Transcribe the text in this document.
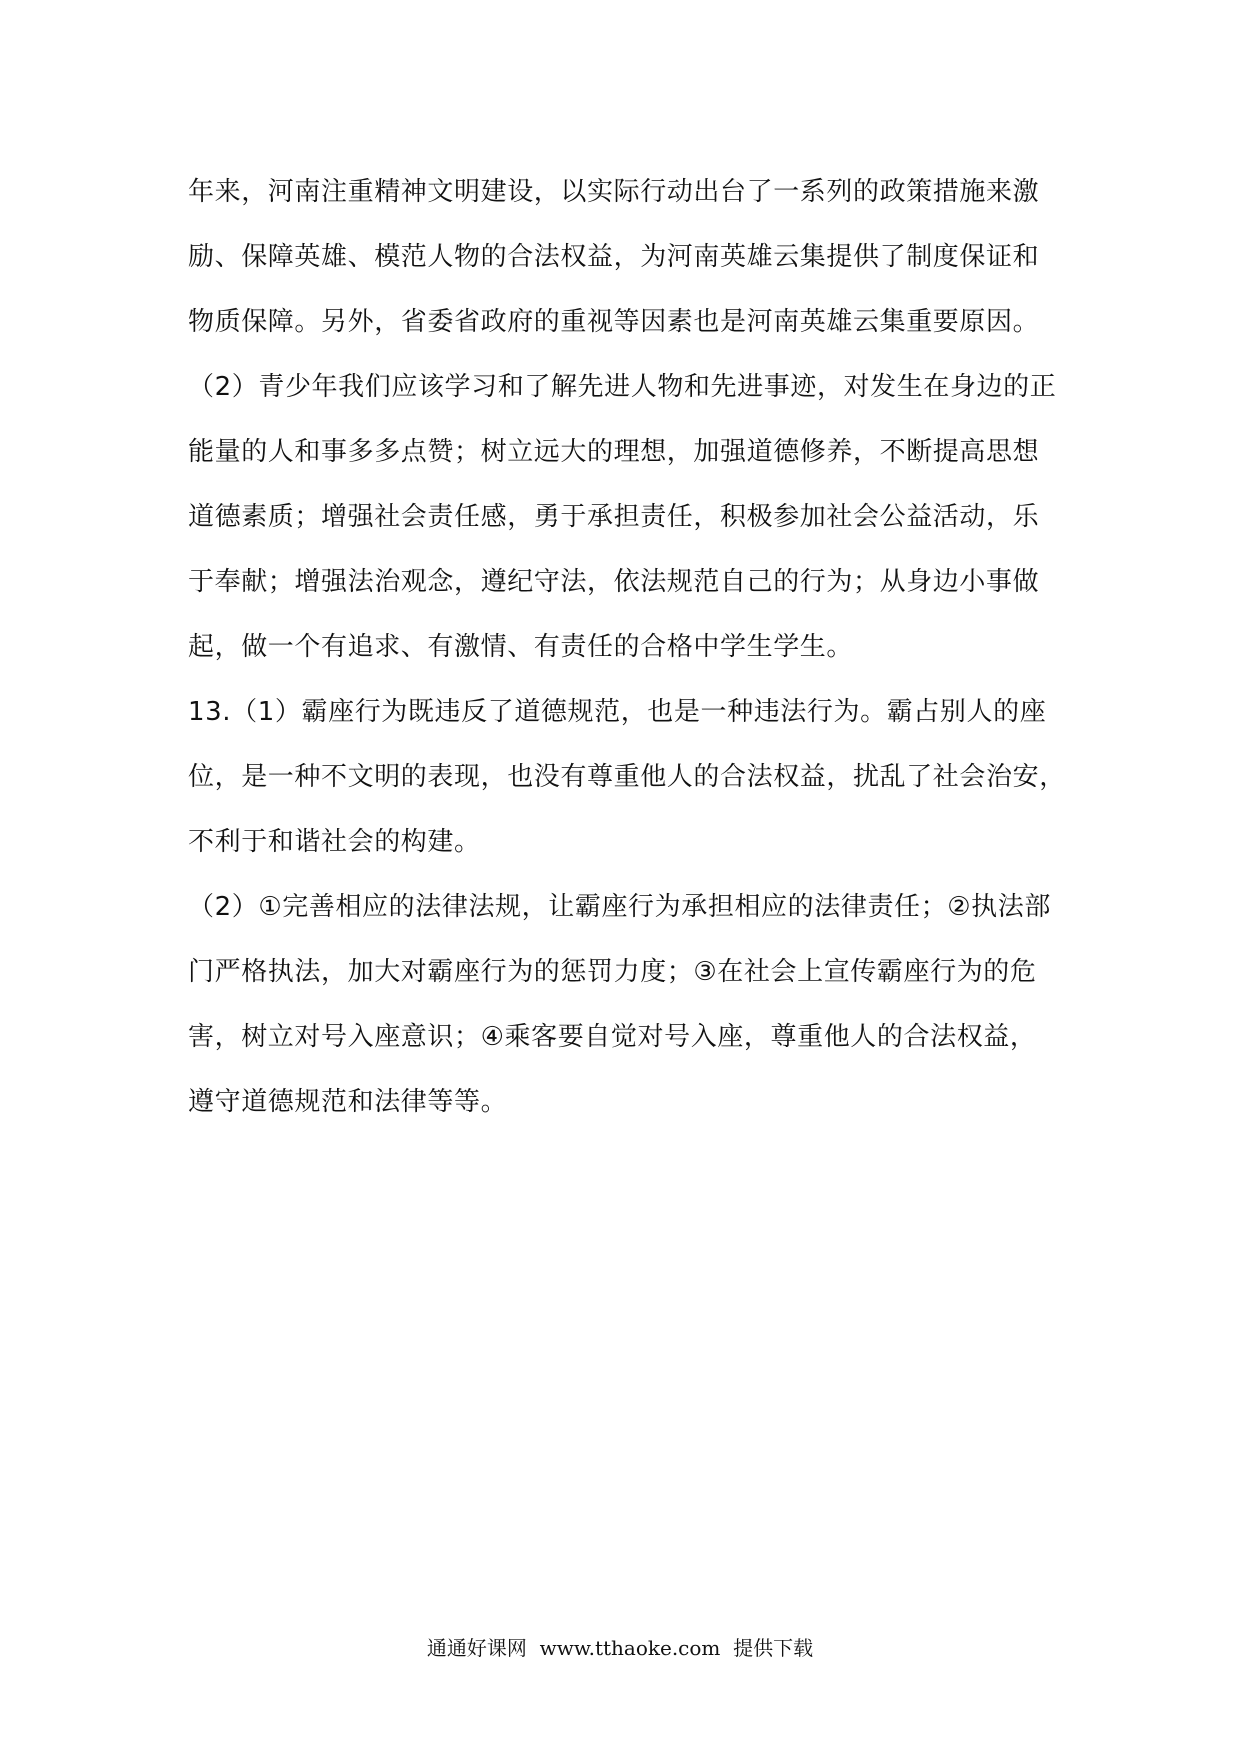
年来，河南注重精神文明建设，以实际行动出台了一系列的政策措施来激
励、保障英雄、模范人物的合法权益，为河南英雄云集提供了制度保证和
物质保障。另外，省委省政府的重视等因素也是河南英雄云集重要原因。
（2）青少年我们应该学习和了解先进人物和先进事迹，对发生在身边的正
能量的人和事多多点赞；树立远大的理想，加强道德修养，不断提高思想
道德素质；增强社会责任感，勇于承担责任，积极参加社会公益活动，乐
于奉献；增强法治观念，遵纪守法，依法规范自己的行为；从身边小事做
起，做一个有追求、有激情、有责任的合格中学生学生。
13.（1）霸座行为既违反了道德规范，也是一种违法行为。霸占别人的座
位，是一种不文明的表现，也没有尊重他人的合法权益，扰乱了社会治安，
不利于和谐社会的构建。
（2）①完善相应的法律法规，让霸座行为承担相应的法律责任；②执法部
门严格执法，加大对霸座行为的惩罚力度；③在社会上宣传霸座行为的危
害，树立对号入座意识；④乘客要自觉对号入座，尊重他人的合法权益，
遵守道德规范和法律等等。
通通好课网  www.tthaoke.com  提供下载
